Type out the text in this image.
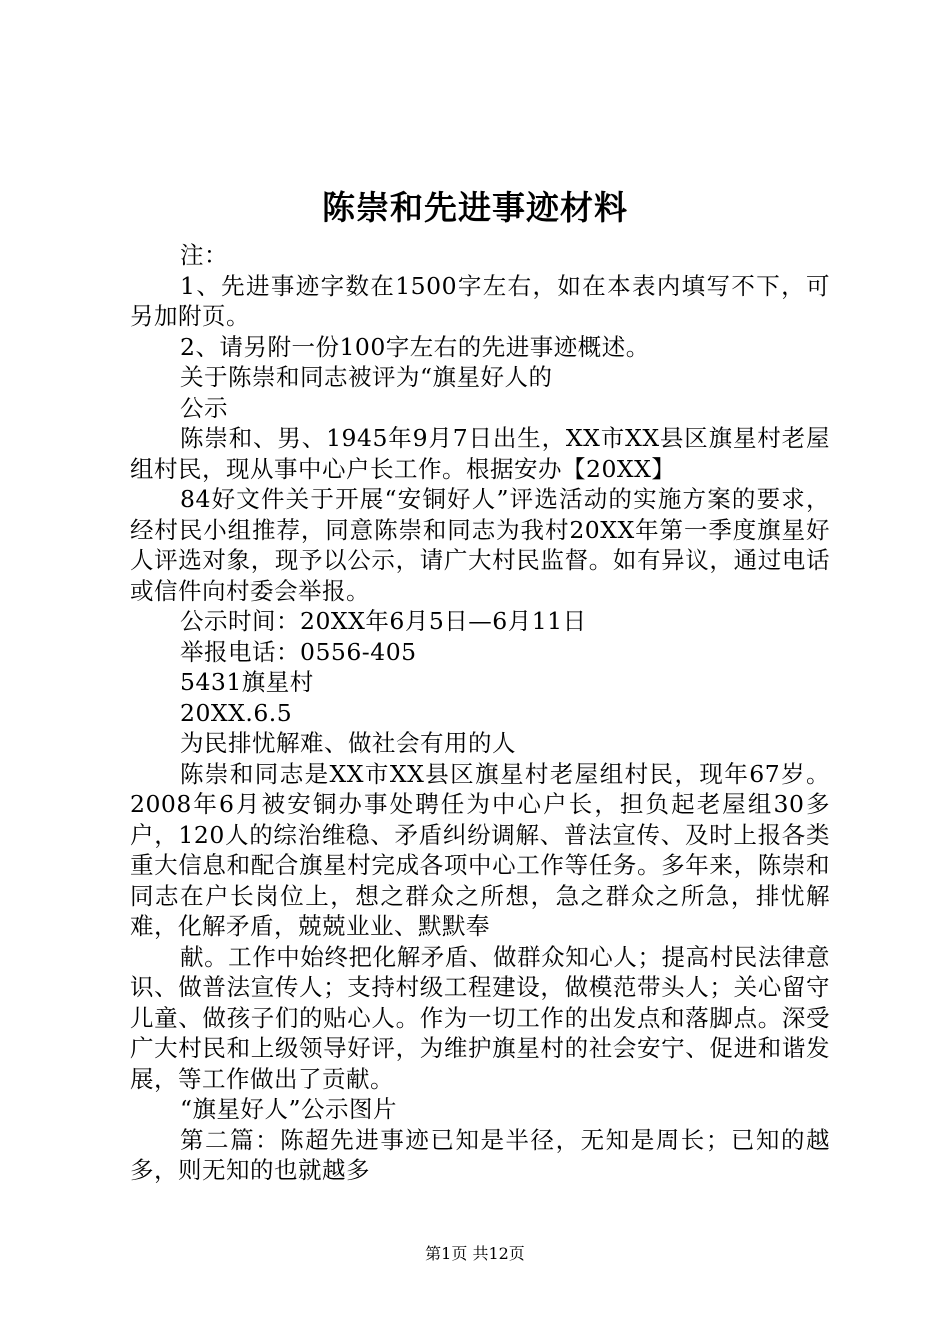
陈崇和先进事迹材料

注：

1、先进事迹字数在1500字左右，如在本表内填写不下，可另加附页。

2、请另附一份100字左右的先进事迹概述。

关于陈崇和同志被评为“旗星好人的

公示

陈崇和、男、1945年9月7日出生，XX市XX县区旗星村老屋组村民，现从事中心户长工作。根据安办【20XX】

84好文件关于开展“安铜好人”评选活动的实施方案的要求，经村民小组推荐，同意陈崇和同志为我村20XX年第一季度旗星好人评选对象，现予以公示，请广大村民监督。如有异议，通过电话或信件向村委会举报。

公示时间：20XX年6月5日—6月11日

举报电话：0556-405

5431旗星村

20XX.6.5

为民排忧解难、做社会有用的人

陈崇和同志是XX市XX县区旗星村老屋组村民，现年67岁。2008年6月被安铜办事处聘任为中心户长，担负起老屋组30多户，120人的综治维稳、矛盾纠纷调解、普法宣传、及时上报各类重大信息和配合旗星村完成各项中心工作等任务。多年来，陈崇和同志在户长岗位上，想之群众之所想，急之群众之所急，排忧解难，化解矛盾，兢兢业业、默默奉

献。工作中始终把化解矛盾、做群众知心人；提高村民法律意识、做普法宣传人；支持村级工程建设，做模范带头人；关心留守儿童、做孩子们的贴心人。作为一切工作的出发点和落脚点。深受广大村民和上级领导好评，为维护旗星村的社会安宁、促进和谐发展，等工作做出了贡献。

“旗星好人”公示图片

第二篇：陈超先进事迹已知是半径，无知是周长；已知的越多，则无知的也就越多

第1页 共12页
